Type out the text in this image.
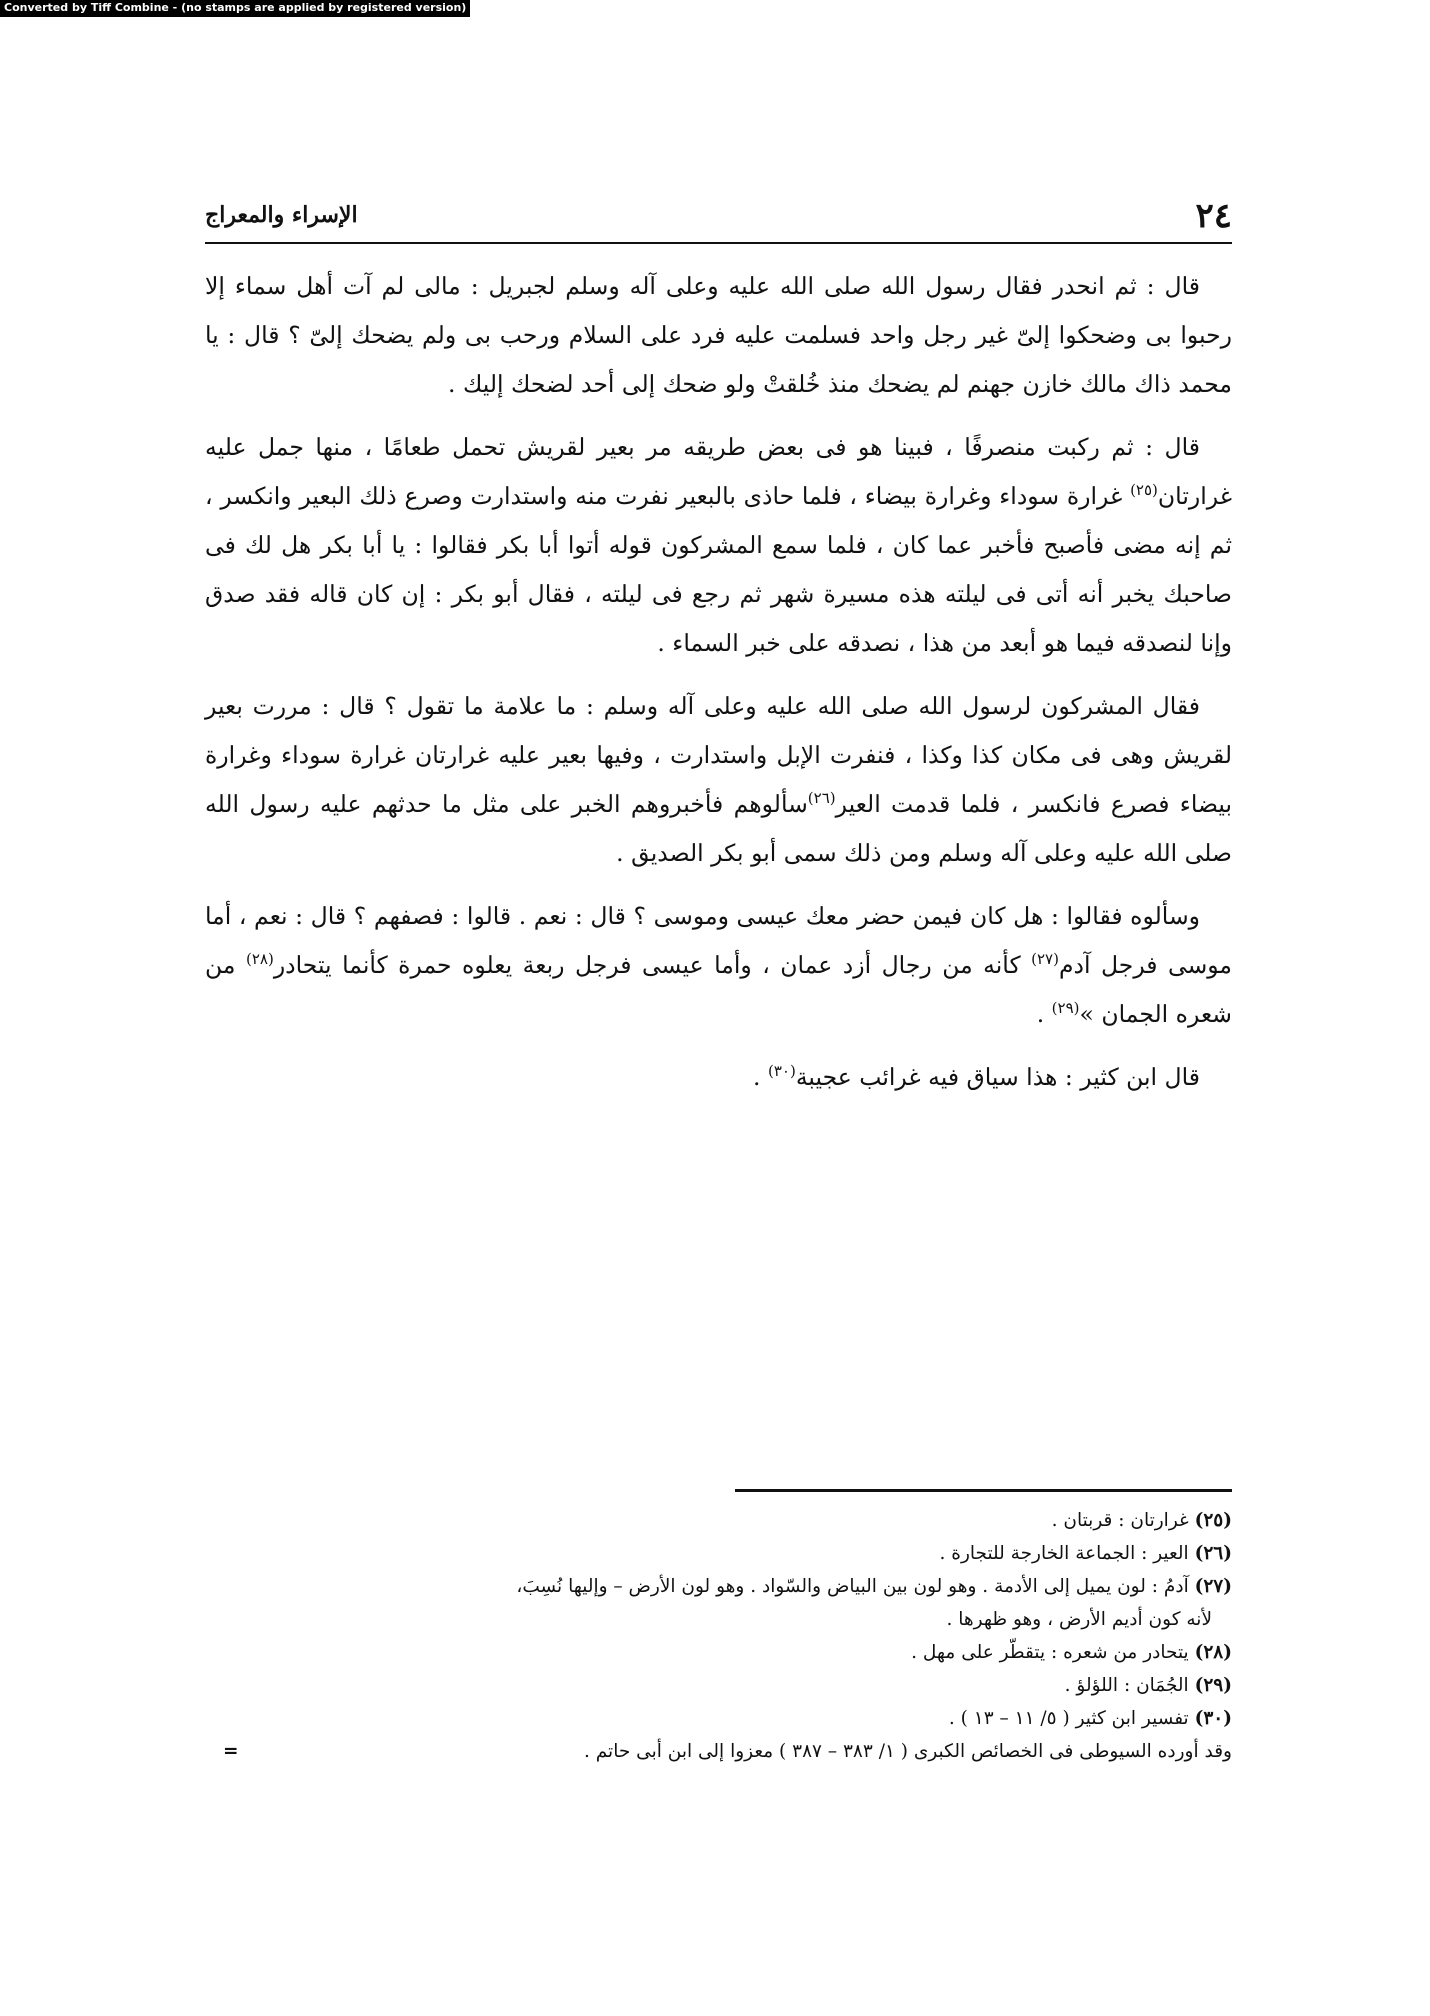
Converted by Tiff Combine - (no stamps are applied by registered version)
٢٤
الإسراء والمعراج

قال : ثم انحدر فقال رسول الله صلى الله عليه وعلى آله وسلم لجبريل : مالى لم آت أهل سماء إلا رحبوا بى وضحكوا إلىّ غير رجل واحد فسلمت عليه فرد على السلام ورحب بى ولم يضحك إلىّ ؟ قال : يا محمد ذاك مالك خازن جهنم لم يضحك منذ خُلقتْ ولو ضحك إلى أحد لضحك إليك .

قال : ثم ركبت منصرفًا ، فبينا هو فى بعض طريقه مر بعير لقريش تحمل طعامًا ، منها جمل عليه غرارتان$^{(٢٥)}$ غرارة سوداء وغرارة بيضاء ، فلما حاذى بالبعير نفرت منه واستدارت وصرع ذلك البعير وانكسر ، ثم إنه مضى فأصبح فأخبر عما كان ، فلما سمع المشركون قوله أتوا أبا بكر فقالوا : يا أبا بكر هل لك فى صاحبك يخبر أنه أتى فى ليلته هذه مسيرة شهر ثم رجع فى ليلته ، فقال أبو بكر : إن كان قاله فقد صدق وإنا لنصدقه فيما هو أبعد من هذا ، نصدقه على خبر السماء .

فقال المشركون لرسول الله صلى الله عليه وعلى آله وسلم : ما علامة ما تقول ؟ قال : مررت بعير لقريش وهى فى مكان كذا وكذا ، فنفرت الإبل واستدارت ، وفيها بعير عليه غرارتان غرارة سوداء وغرارة بيضاء فصرع فانكسر ، فلما قدمت العير$^{(٢٦)}$سألوهم فأخبروهم الخبر على مثل ما حدثهم عليه رسول الله صلى الله عليه وعلى آله وسلم ومن ذلك سمى أبو بكر الصديق .

وسألوه فقالوا : هل كان فيمن حضر معك عيسى وموسى ؟ قال : نعم . قالوا : فصفهم ؟ قال : نعم ، أما موسى فرجل آدم$^{(٢٧)}$ كأنه من رجال أزد عمان ، وأما عيسى فرجل ربعة يعلوه حمرة كأنما يتحادر$^{(٢٨)}$ من شعره الجمان »$^{(٢٩)}$ .

قال ابن كثير : هذا سياق فيه غرائب عجيبة$^{(٣٠)}$ .

(٢٥) غرارتان : قربتان .

(٢٦) العير : الجماعة الخارجة للتجارة .

(٢٧) آدمُ : لون يميل إلى الأدمة . وهو لون بين البياض والسّواد . وهو لون الأرض – وإليها نُسِبَ،

لأنه كون أديم الأرض ، وهو ظهرها .

(٢٨) يتحادر من شعره : يتقطّر على مهل .

(٢٩) الجُمَان : اللؤلؤ .

(٣٠) تفسير ابن كثير ( ٥/ ١١ – ١٣ ) .

وقد أورده السيوطى فى الخصائص الكبرى ( ١/ ٣٨٣ – ٣٨٧ ) معزوا إلى ابن أبى حاتم .
=
